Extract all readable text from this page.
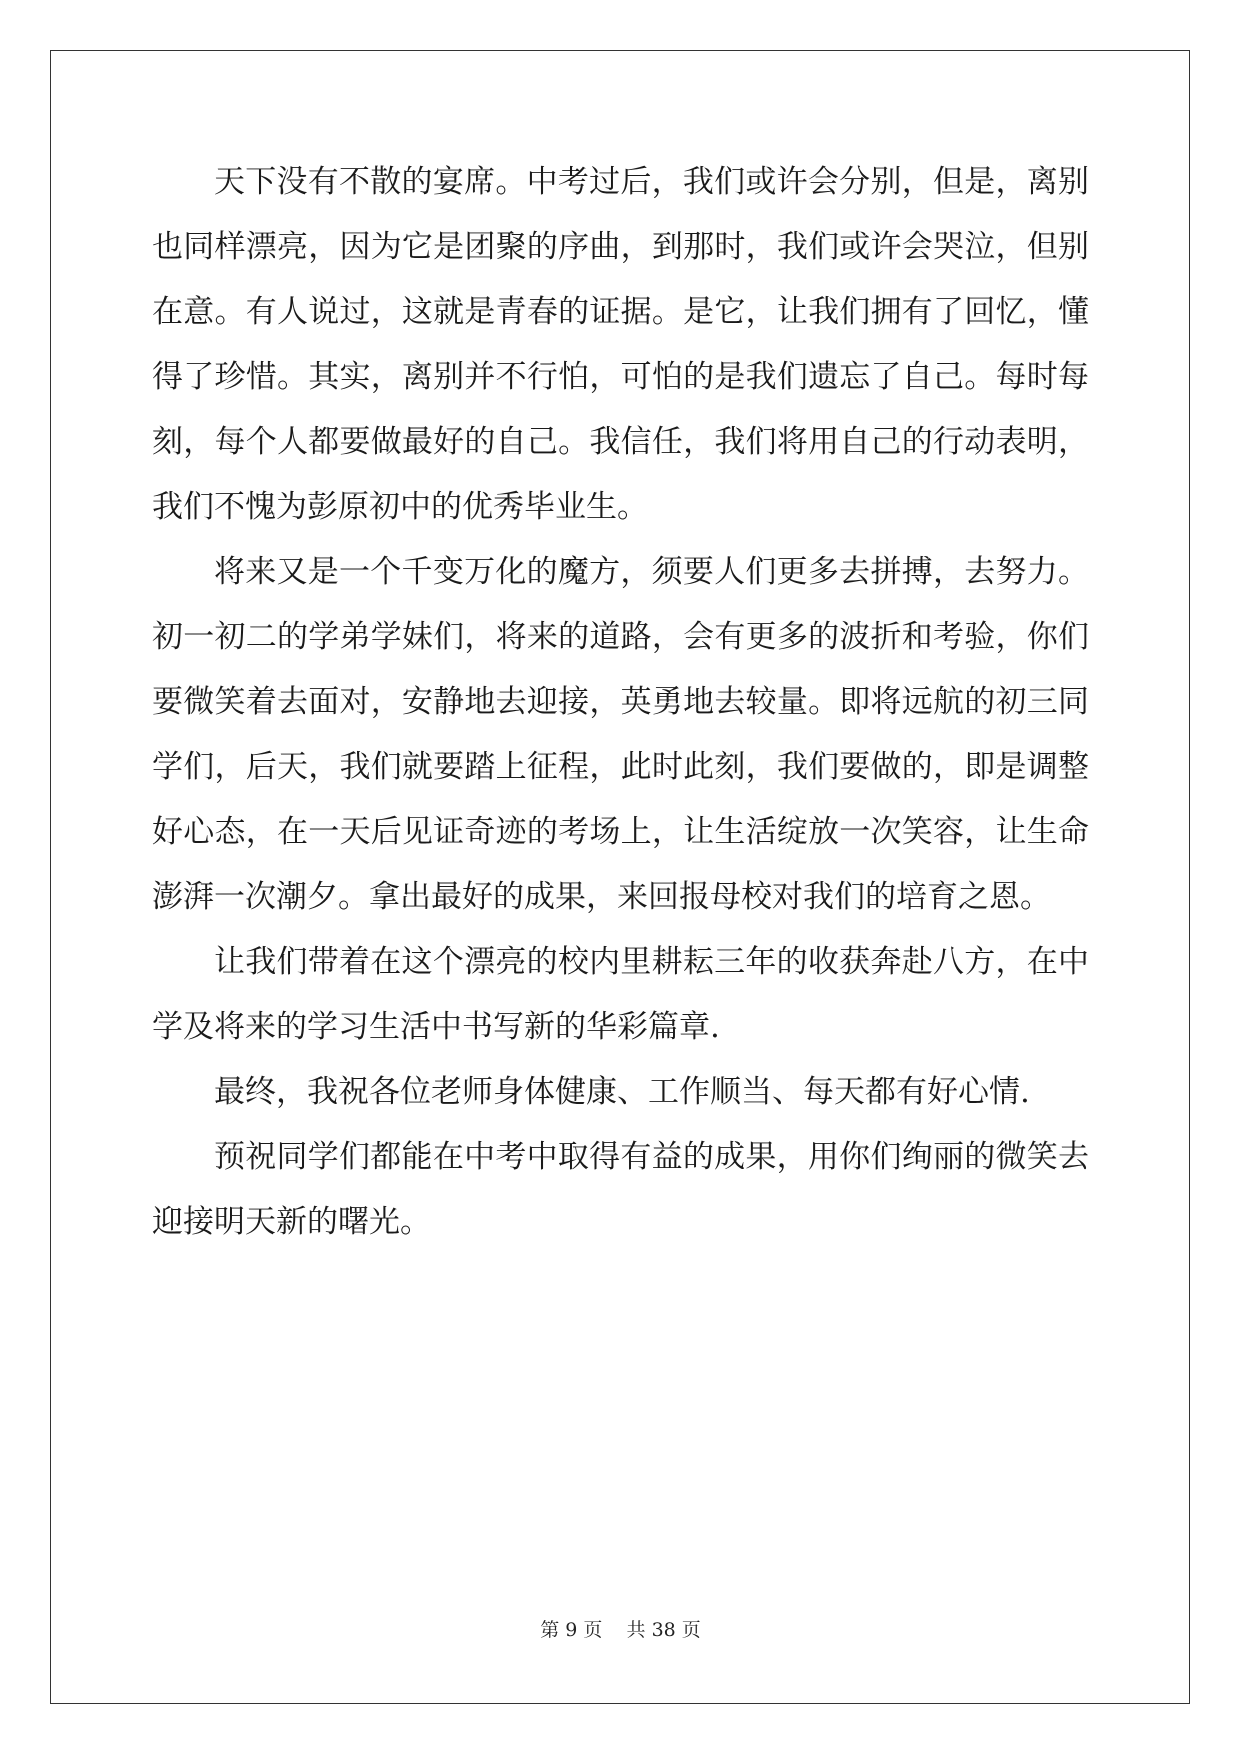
天下没有不散的宴席。中考过后，我们或许会分别，但是，离别也同样漂亮，因为它是团聚的序曲，到那时，我们或许会哭泣，但别在意。有人说过，这就是青春的证据。是它，让我们拥有了回忆，懂得了珍惜。其实，离别并不行怕，可怕的是我们遗忘了自己。每时每刻，每个人都要做最好的自己。我信任，我们将用自己的行动表明，我们不愧为彭原初中的优秀毕业生。

将来又是一个千变万化的魔方，须要人们更多去拼搏，去努力。初一初二的学弟学妹们，将来的道路，会有更多的波折和考验，你们要微笑着去面对，安静地去迎接，英勇地去较量。即将远航的初三同学们，后天，我们就要踏上征程，此时此刻，我们要做的，即是调整好心态，在一天后见证奇迹的考场上，让生活绽放一次笑容，让生命澎湃一次潮夕。拿出最好的成果，来回报母校对我们的培育之恩。

让我们带着在这个漂亮的校内里耕耘三年的收获奔赴八方，在中学及将来的学习生活中书写新的华彩篇章.

最终，我祝各位老师身体健康、工作顺当、每天都有好心情.

预祝同学们都能在中考中取得有益的成果，用你们绚丽的微笑去迎接明天新的曙光。

第 9 页    共 38 页
